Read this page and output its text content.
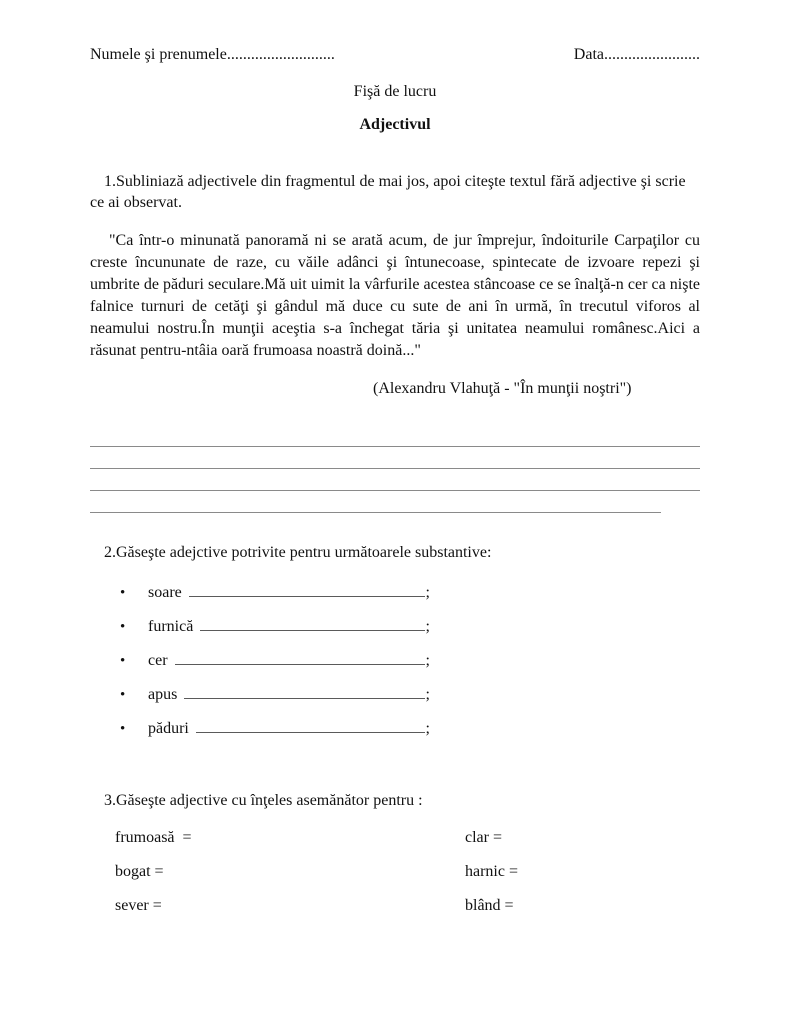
Numele şi prenumele...........................	Data........................
Fişă de lucru
Adjectivul
1.Subliniază adjectivele din fragmentul de mai jos, apoi citeşte textul fără adjective şi scrie ce ai observat.
"Ca într-o minunată panoramă ni se arată acum, de jur împrejur, îndoiturile Carpaţilor cu creste încununate de raze, cu văile adânci şi întunecoase, spintecate de izvoare repezi şi umbrite de păduri seculare.Mă uit uimit la vârfurile acestea stâncoase ce se înalţă-n cer ca nişte falnice turnuri de cetăţi şi gândul mă duce cu sute de ani în urmă, în trecutul viforos al neamului nostru.În munţii aceştia s-a închegat tăria şi unitatea neamului românesc.Aici a răsunat pentru-ntâia oară frumoasa noastră doină..."
(Alexandru Vlahuţă - "În munţii noştri")
2.Găseşte adejctive potrivite pentru următoarele substantive:
•	soare	;
•	furnică	;
•	cer	;
•	apus	;
•	păduri	;
3.Găseşte adjective cu înţeles asemănător pentru :
frumoasă  =	clar =
bogat =	harnic =
sever =	blând =
